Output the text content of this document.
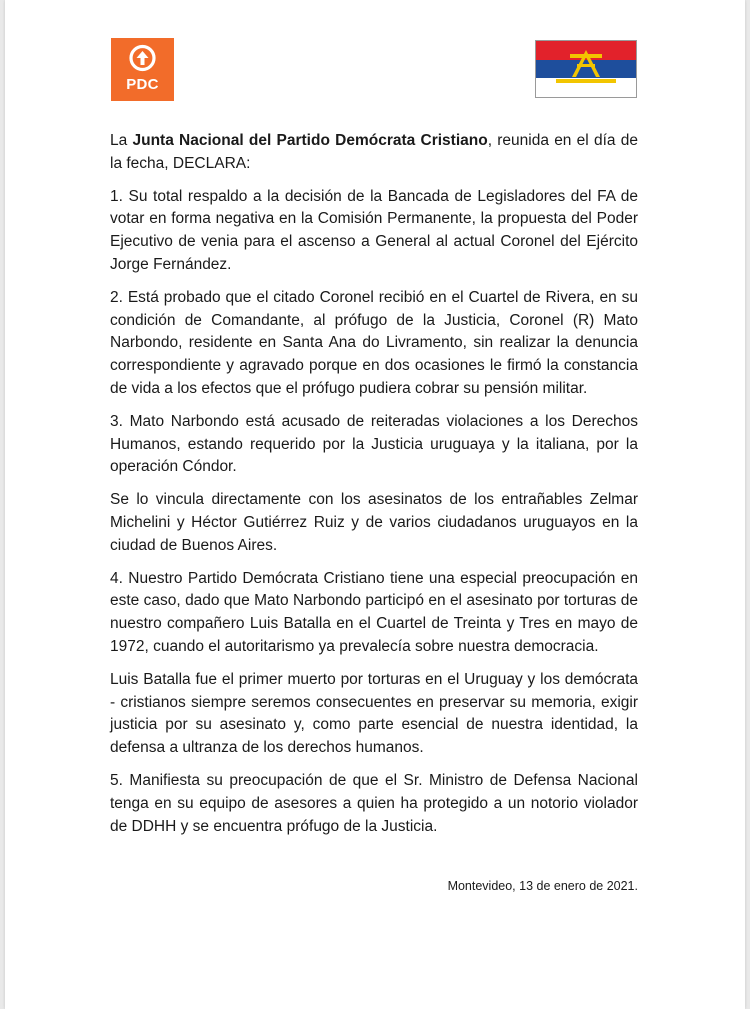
PDC

La Junta Nacional del Partido Demócrata Cristiano, reunida en el día de la fecha, DECLARA:

1. Su total respaldo a la decisión de la Bancada de Legisladores del FA de votar en forma negativa en la Comisión Permanente, la propuesta del Poder Ejecutivo de venia para el ascenso a General al actual Coronel del Ejército Jorge Fernández.

2. Está probado que el citado Coronel recibió en el Cuartel de Rivera, en su condición de Comandante, al prófugo de la Justicia, Coronel (R) Mato Narbondo, residente en Santa Ana do Livramento, sin realizar la denuncia correspondiente y agravado porque en dos ocasiones le firmó la constancia de vida a los efectos que el prófugo pudiera cobrar su pensión militar.

3. Mato Narbondo está acusado de reiteradas violaciones a los Derechos Humanos, estando requerido por la Justicia uruguaya y la italiana, por la operación Cóndor.

Se lo vincula directamente con los asesinatos de los entrañables Zelmar Michelini y Héctor Gutiérrez Ruiz y de varios ciudadanos uruguayos en la ciudad de Buenos Aires.

4. Nuestro Partido Demócrata Cristiano tiene una especial preocupación en este caso, dado que Mato Narbondo participó en el asesinato por torturas de nuestro compañero Luis Batalla en el Cuartel de Treinta y Tres en mayo de 1972, cuando el autoritarismo ya prevalecía sobre nuestra democracia.

Luis Batalla fue el primer muerto por torturas en el Uruguay y los demócrata - cristianos siempre seremos consecuentes en preservar su memoria, exigir justicia por su asesinato y, como parte esencial de nuestra identidad, la defensa a ultranza de los derechos humanos.

5. Manifiesta su preocupación de que el Sr. Ministro de Defensa Nacional tenga en su equipo de asesores a quien ha protegido a un notorio violador de DDHH y se encuentra prófugo de la Justicia.

Montevideo, 13 de enero de 2021.
